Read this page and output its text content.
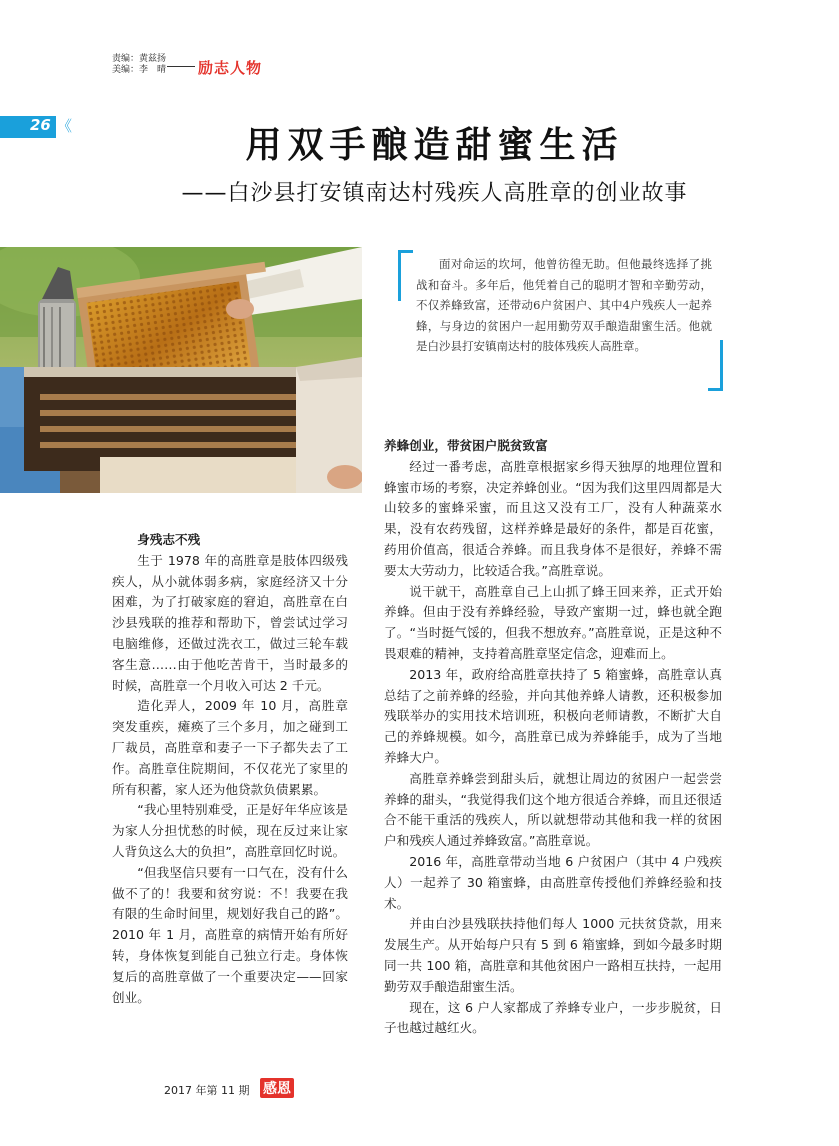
责编：黄兹扬
美编：李　晴 励志人物
26 《	用双手酿造甜蜜生活
——白沙县打安镇南达村残疾人高胜章的创业故事

面对命运的坎坷，他曾彷徨无助。但他最终选择了挑战和奋斗。多年后，他凭着自己的聪明才智和辛勤劳动，不仅养蜂致富，还带动6户贫困户、其中4户残疾人一起养蜂，与身边的贫困户一起用勤劳双手酿造甜蜜生活。他就是白沙县打安镇南达村的肢体残疾人高胜章。

身残志不残

生于 1978 年的高胜章是肢体四级残疾人，从小就体弱多病，家庭经济又十分困难，为了打破家庭的窘迫，高胜章在白沙县残联的推荐和帮助下，曾尝试过学习电脑维修，还做过洗衣工，做过三轮车载客生意……由于他吃苦肯干，当时最多的时候，高胜章一个月收入可达 2 千元。

造化弄人，2009 年 10 月，高胜章突发重疾，瘫痪了三个多月，加之碰到工厂裁员，高胜章和妻子一下子都失去了工作。高胜章住院期间，不仅花光了家里的所有积蓄，家人还为他贷款负债累累。

“我心里特别难受，正是好年华应该是为家人分担忧愁的时候，现在反过来让家人背负这么大的负担”，高胜章回忆时说。

“但我坚信只要有一口气在，没有什么做不了的！我要和贫穷说：不！我要在我有限的生命时间里，规划好我自己的路”。2010 年 1 月，高胜章的病情开始有所好转，身体恢复到能自己独立行走。身体恢复后的高胜章做了一个重要决定——回家创业。

养蜂创业，带贫困户脱贫致富

经过一番考虑，高胜章根据家乡得天独厚的地理位置和蜂蜜市场的考察，决定养蜂创业。“因为我们这里四周都是大山较多的蜜蜂采蜜，而且这又没有工厂，没有人种蔬菜水果，没有农药残留，这样养蜂是最好的条件，都是百花蜜，药用价值高，很适合养蜂。而且我身体不是很好，养蜂不需要太大劳动力，比较适合我。”高胜章说。

说干就干，高胜章自己上山抓了蜂王回来养，正式开始养蜂。但由于没有养蜂经验，导致产蜜期一过，蜂也就全跑了。“当时挺气馁的，但我不想放弃。”高胜章说，正是这种不畏艰难的精神，支持着高胜章坚定信念，迎难而上。

2013 年，政府给高胜章扶持了 5 箱蜜蜂，高胜章认真总结了之前养蜂的经验，并向其他养蜂人请教，还积极参加残联举办的实用技术培训班，积极向老师请教，不断扩大自己的养蜂规模。如今，高胜章已成为养蜂能手，成为了当地养蜂大户。

高胜章养蜂尝到甜头后，就想让周边的贫困户一起尝尝养蜂的甜头，“我觉得我们这个地方很适合养蜂，而且还很适合不能干重活的残疾人，所以就想带动其他和我一样的贫困户和残疾人通过养蜂致富。”高胜章说。

2016 年，高胜章带动当地 6 户贫困户（其中 4 户残疾人）一起养了 30 箱蜜蜂，由高胜章传授他们养蜂经验和技术。

并由白沙县残联扶持他们每人 1000 元扶贫贷款，用来发展生产。从开始每户只有 5 到 6 箱蜜蜂，到如今最多时期同一共 100 箱，高胜章和其他贫困户一路相互扶持，一起用勤劳双手酿造甜蜜生活。

现在，这 6 户人家都成了养蜂专业户，一步步脱贫，日子也越过越红火。

2017 年第 11 期 感恩
